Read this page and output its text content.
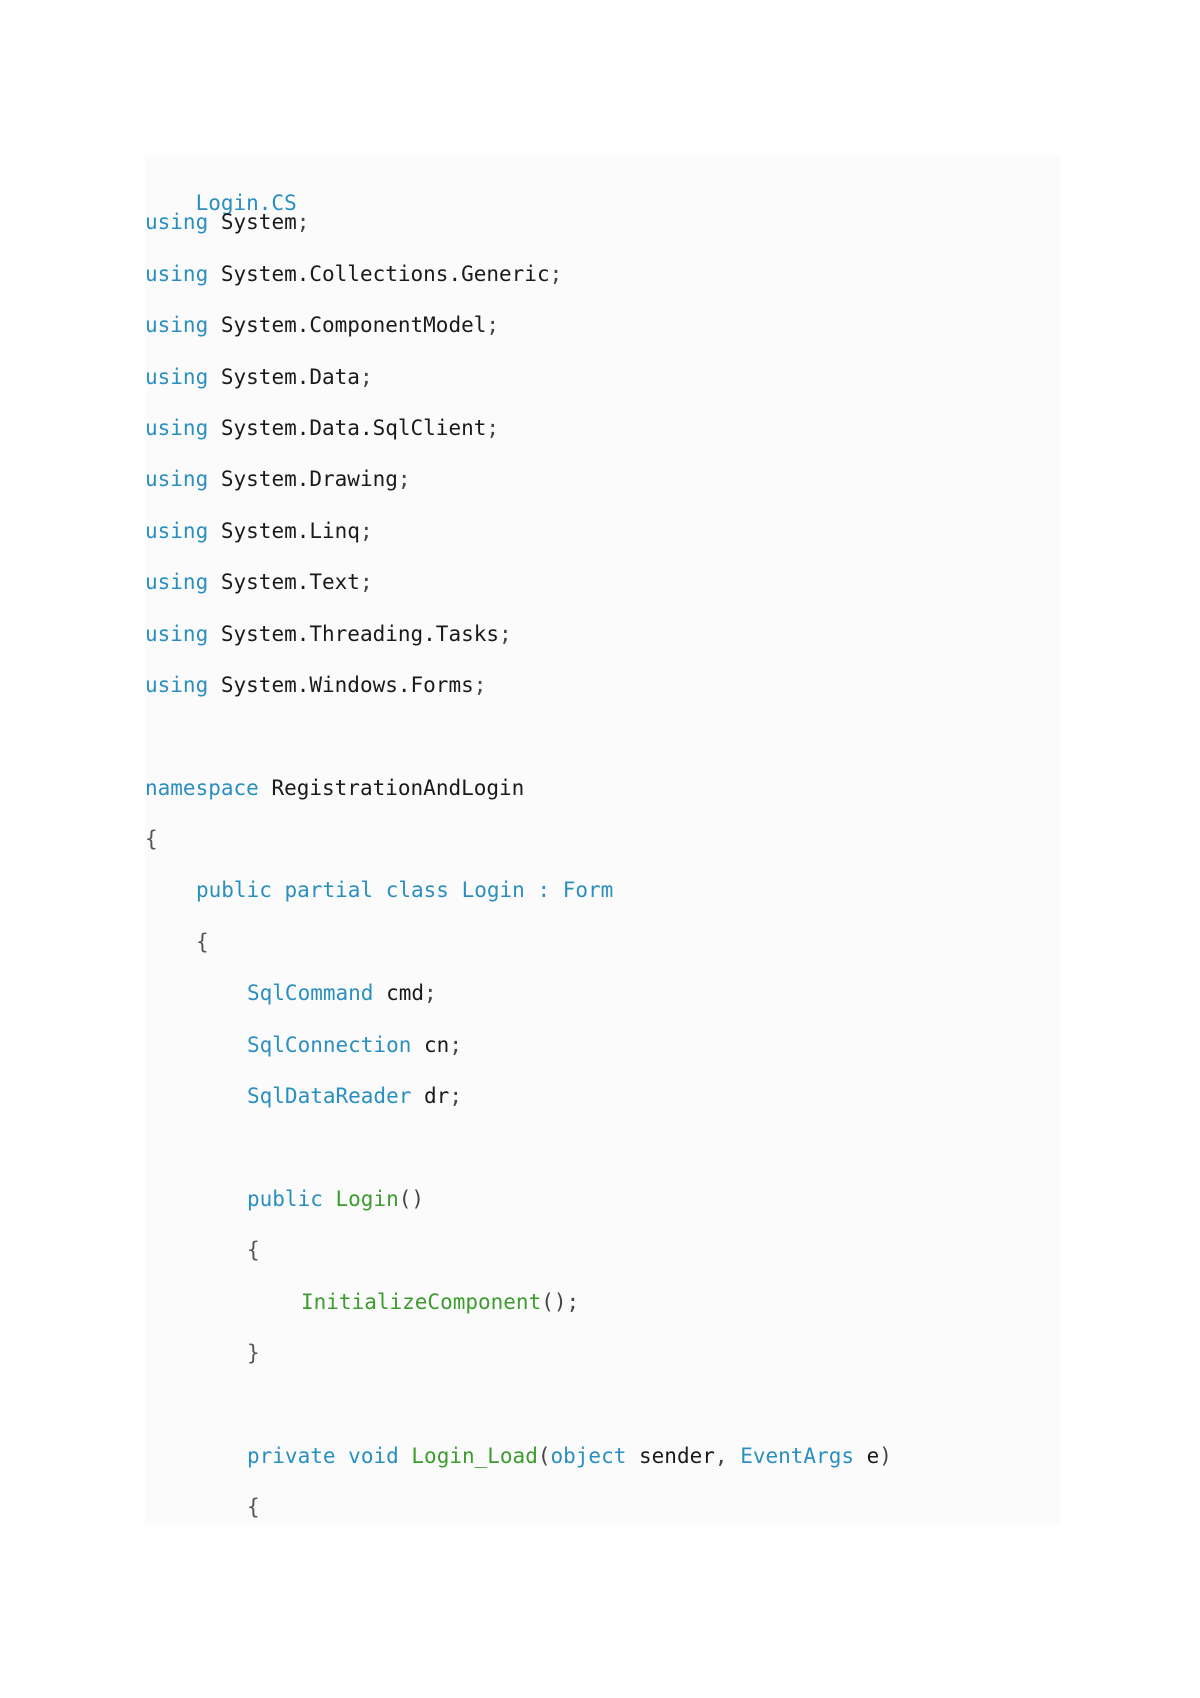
Login.CS

using System;
using System.Collections.Generic;
using System.ComponentModel;
using System.Data;
using System.Data.SqlClient;
using System.Drawing;
using System.Linq;
using System.Text;
using System.Threading.Tasks;
using System.Windows.Forms;
namespace RegistrationAndLogin
{
public partial class Login : Form
{
SqlCommand cmd;
SqlConnection cn;
SqlDataReader dr;
public Login()
{
InitializeComponent();
}
private void Login_Load(object sender, EventArgs e)
{
